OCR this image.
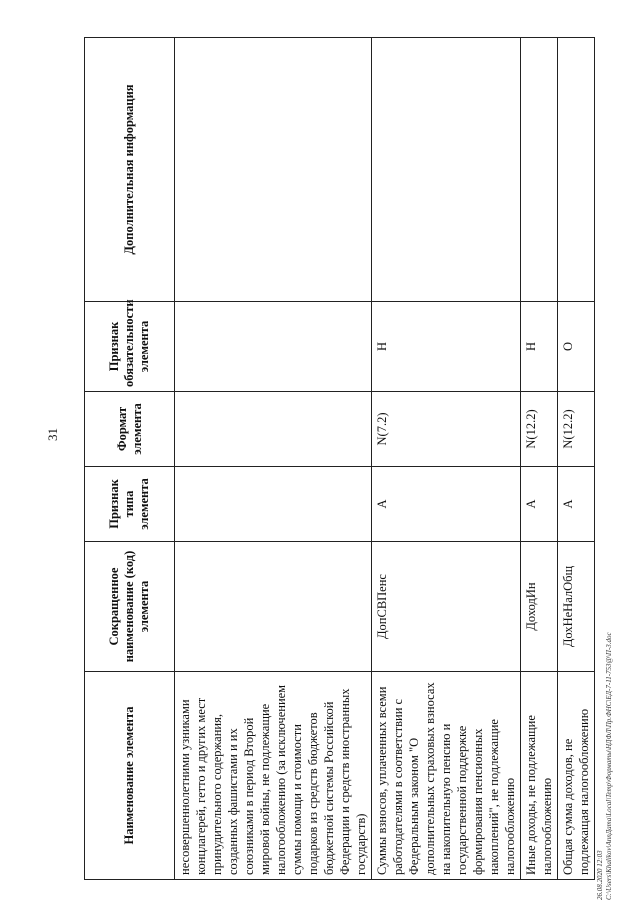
31
Наименование элемента	Сокращенное наименование (код) элемента	Признак типа элемента	Формат элемента	Признак обязательности элемента	Дополнительная информация
несовершеннолетними узниками концлагерей, гетто и других мест принудительного содержания, созданных фашистами и их союзниками в период Второй мировой войны, не подлежащие налогообложению (за исключением суммы помощи и стоимости подарков из средств бюджетов бюджетной системы Российской Федерации и средств иностранных государств)					
Суммы взносов, уплаченных всеми работодателями в соответствии с Федеральным законом "О дополнительных страховых взносах на накопительную пенсию и государственной поддержке формирования пенсионных накоплений", не подлежащие налогообложению	ДопСВПенс	А	N(7.2)	Н	
Иные доходы, не подлежащие налогообложению	ДоходИн	А	N(12.2)	Н	
Общая сумма доходов, не подлежащая налогообложению	ДохНеНалОбщ	А	N(12.2)	О	
26.08.2020 12:03 C:\Users\Khalikov\АппДата\Local\Temp\Форматы\НДФЛ\Пр.ФНС\ЕД-7-11-753@\П-3.doc
